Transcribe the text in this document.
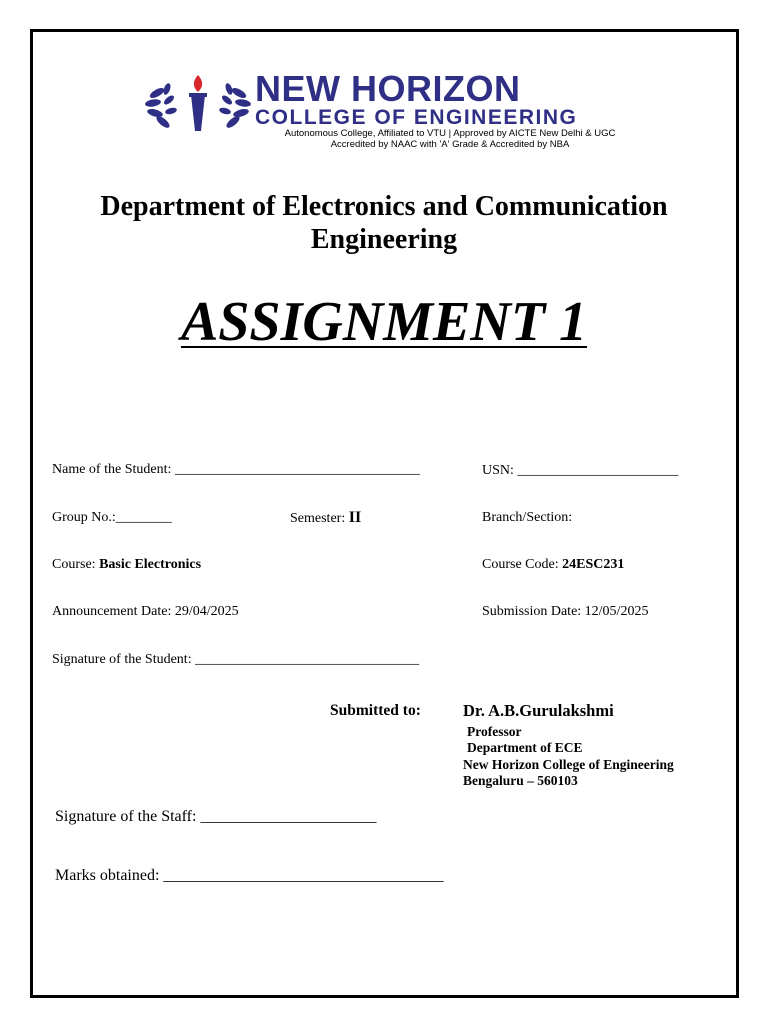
NEW HORIZON
COLLEGE OF ENGINEERING
Autonomous College, Affiliated to VTU | Approved by AICTE New Delhi & UGC
Accredited by NAAC with 'A' Grade & Accredited by NBA
Department of Electronics and Communication
Engineering
ASSIGNMENT 1
Name of the Student: ___________________________________	USN: _______________________
Group No.:________	Semester: II	Branch/Section:
Course: Basic Electronics	Course Code: 24ESC231
Announcement Date: 29/04/2025	Submission Date: 12/05/2025
Signature of the Student: ________________________________
Submitted to:	Dr. A.B.Gurulakshmi
Professor
Department of ECE
New Horizon College of Engineering
Bengaluru – 560103
Signature of the Staff: ______________________
Marks obtained: ___________________________________
